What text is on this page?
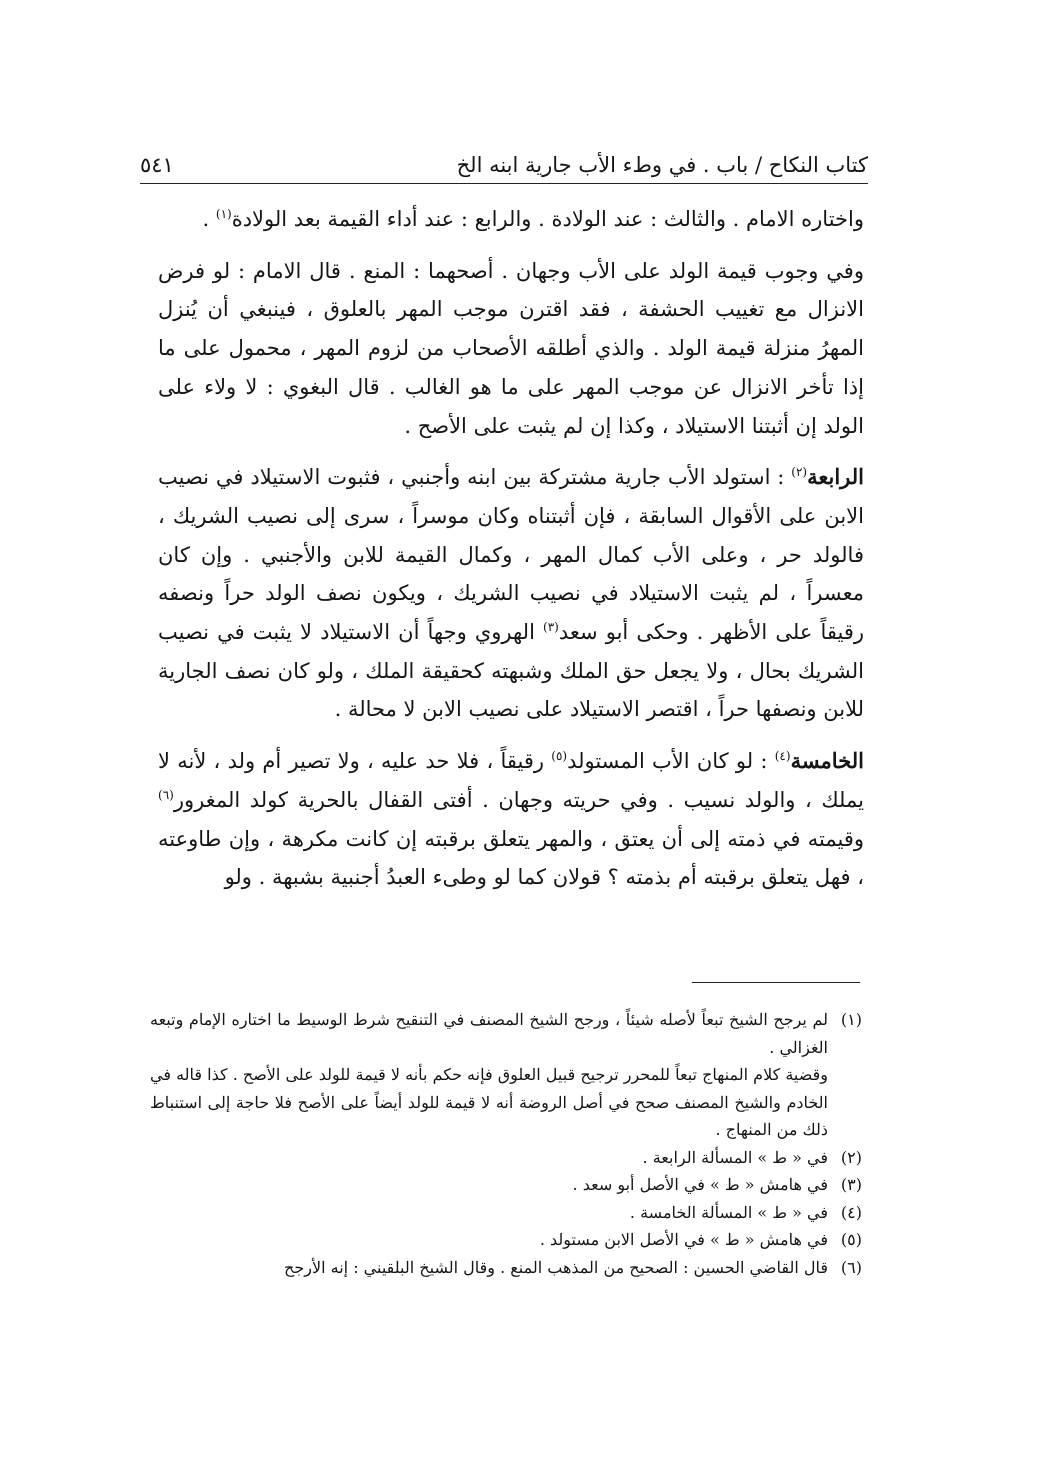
كتاب النكاح / باب . في وطء الأب جارية ابنه الخ
٥٤١

واختاره الامام . والثالث : عند الولادة . والرابع : عند أداء القيمة بعد الولادة$^{(١)}$ .

وفي وجوب قيمة الولد على الأب وجهان . أصحهما : المنع . قال الامام : لو فرض الانزال مع تغييب الحشفة ، فقد اقترن موجب المهر بالعلوق ، فينبغي أن يُنزل المهرُ منزلة قيمة الولد . والذي أطلقه الأصحاب من لزوم المهر ، محمول على ما إذا تأخر الانزال عن موجب المهر على ما هو الغالب . قال البغوي : لا ولاء على الولد إن أثبتنا الاستيلاد ، وكذا إن لم يثبت على الأصح .

الرابعة$^{(٢)}$ : استولد الأب جارية مشتركة بين ابنه وأجنبي ، فثبوت الاستيلاد في نصيب الابن على الأقوال السابقة ، فإن أثبتناه وكان موسراً ، سرى إلى نصيب الشريك ، فالولد حر ، وعلى الأب كمال المهر ، وكمال القيمة للابن والأجنبي . وإن كان معسراً ، لم يثبت الاستيلاد في نصيب الشريك ، ويكون نصف الولد حراً ونصفه رقيقاً على الأظهر . وحكى أبو سعد$^{(٣)}$ الهروي وجهاً أن الاستيلاد لا يثبت في نصيب الشريك بحال ، ولا يجعل حق الملك وشبهته كحقيقة الملك ، ولو كان نصف الجارية للابن ونصفها حراً ، اقتصر الاستيلاد على نصيب الابن لا محالة .

الخامسة$^{(٤)}$ : لو كان الأب المستولد$^{(٥)}$ رقيقاً ، فلا حد عليه ، ولا تصير أم ولد ، لأنه لا يملك ، والولد نسيب . وفي حريته وجهان . أفتى القفال بالحرية كولد المغرور$^{(٦)}$ وقيمته في ذمته إلى أن يعتق ، والمهر يتعلق برقبته إن كانت مكرهة ، وإن طاوعته ، فهل يتعلق برقبته أم بذمته ؟ قولان كما لو وطىء العبدُ أجنبية بشبهة . ولو

(١)
لم يرجح الشيخ تبعاً لأصله شيئاً ، ورجح الشيخ المصنف في التنقيح شرط الوسيط ما اختاره الإمام وتبعه الغزالي .
وقضية كلام المنهاج تبعاً للمحرر ترجيح قبيل العلوق فإنه حكم بأنه لا قيمة للولد على الأصح . كذا قاله في الخادم والشيخ المصنف صحح في أصل الروضة أنه لا قيمة للولد أيضاً على الأصح فلا حاجة إلى استنباط ذلك من المنهاج .
(٢)
في « ط » المسألة الرابعة .
(٣)
في هامش « ط » في الأصل أبو سعد .
(٤)
في « ط » المسألة الخامسة .
(٥)
في هامش « ط » في الأصل الابن مستولد .
(٦)
قال القاضي الحسين : الصحيح من المذهب المنع . وقال الشيخ البلقيني : إنه الأرجح
